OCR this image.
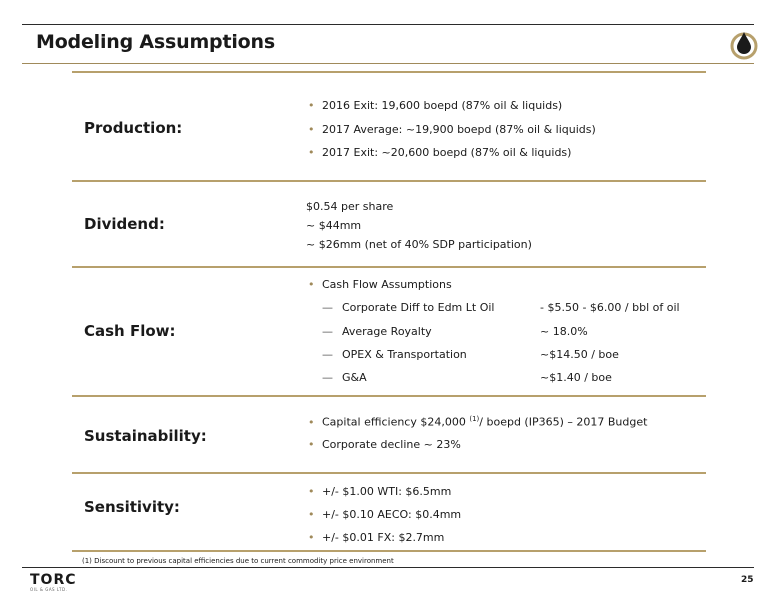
Modeling Assumptions
Production:
• 2016 Exit: 19,600 boepd (87% oil & liquids)
• 2017 Average: ~19,900 boepd (87% oil & liquids)
• 2017 Exit: ~20,600 boepd (87% oil & liquids)
Dividend:
$0.54 per share
~ $44mm
~ $26mm (net of 40% SDP participation)
Cash Flow:
• Cash Flow Assumptions
— Corporate Diff to Edm Lt Oil	- $5.50 - $6.00 / bbl of oil
— Average Royalty	~ 18.0%
— OPEX & Transportation	~$14.50 / boe
— G&A	~$1.40 / boe
Sustainability:
• Capital efficiency $24,000 $^{(1)}$/ boepd (IP365) – 2017 Budget
• Corporate decline ~ 23%
Sensitivity:
• +/- $1.00 WTI: $6.5mm
• +/- $0.10 AECO: $0.4mm
• +/- $0.01 FX: $2.7mm
(1) Discount to previous capital efficiencies due to current commodity price environment
TORC
OIL & GAS LTD.
25
